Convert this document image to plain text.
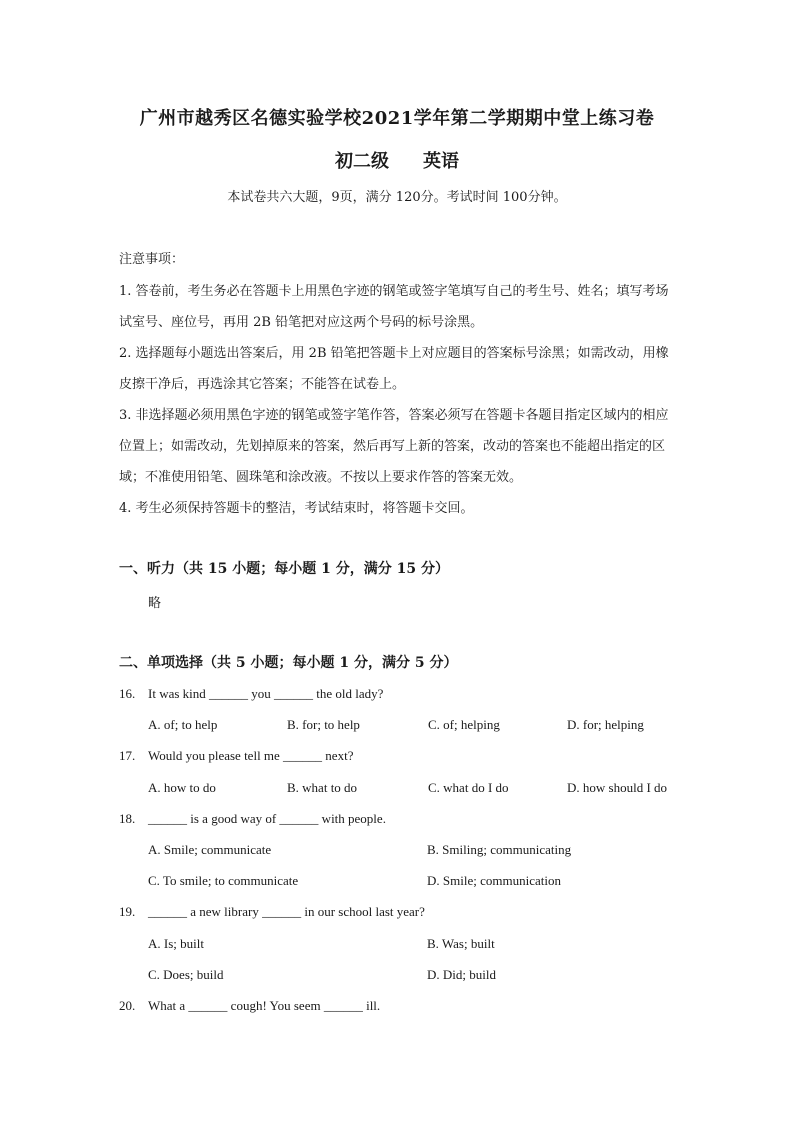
广州市越秀区名德实验学校2021学年第二学期期中堂上练习卷
初二级 英语
本试卷共六大题，9页，满分 120分。考试时间 100分钟。
注意事项：

1. 答卷前，考生务必在答题卡上用黑色字迹的钢笔或签字笔填写自己的考生号、姓名；填写考场试室号、座位号，再用 2B 铅笔把对应这两个号码的标号涂黑。

2. 选择题每小题选出答案后，用 2B 铅笔把答题卡上对应题目的答案标号涂黑；如需改动，用橡皮擦干净后，再选涂其它答案；不能答在试卷上。

3. 非选择题必须用黑色字迹的钢笔或签字笔作答，答案必须写在答题卡各题目指定区域内的相应位置上；如需改动，先划掉原来的答案，然后再写上新的答案，改动的答案也不能超出指定的区域；不准使用铅笔、圆珠笔和涂改液。不按以上要求作答的答案无效。

4. 考生必须保持答题卡的整洁，考试结束时，将答题卡交回。

一、听力（共 15 小题；每小题 1 分，满分 15 分）
略
二、单项选择（共 5 小题；每小题 1 分，满分 5 分）
16. It was kind ______ you ______ the old lady?
A. of; to help	B. for; to help	C. of; helping	D. for; helping
17. Would you please tell me ______ next?
A. how to do	B. what to do	C. what do I do	D. how should I do
18. ______ is a good way of ______ with people.
A. Smile; communicate	B. Smiling; communicating
C. To smile; to communicate	D. Smile; communication
19. ______ a new library ______ in our school last year?
A. Is; built	B. Was; built
C. Does; build	D. Did; build
20. What a ______ cough! You seem ______ ill.
